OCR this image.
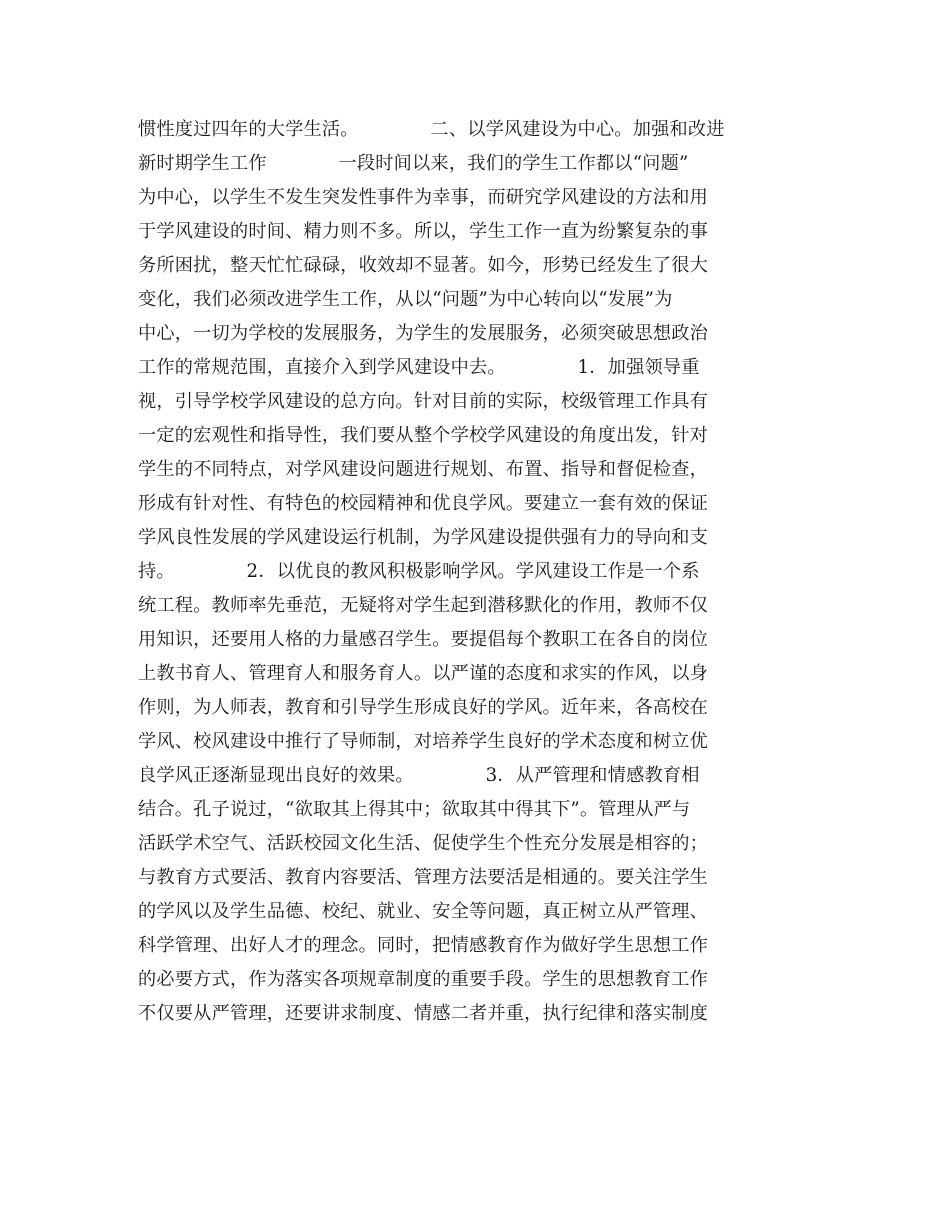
惯性度过四年的大学生活。            二、以学风建设为中心。加强和改进
新时期学生工作            一段时间以来，我们的学生工作都以“问题”
为中心，以学生不发生突发性事件为幸事，而研究学风建设的方法和用
于学风建设的时间、精力则不多。所以，学生工作一直为纷繁复杂的事
务所困扰，整天忙忙碌碌，收效却不显著。如今，形势已经发生了很大
变化，我们必须改进学生工作，从以“问题”为中心转向以“发展”为
中心，一切为学校的发展服务，为学生的发展服务，必须突破思想政治
工作的常规范围，直接介入到学风建设中去。            1．加强领导重
视，引导学校学风建设的总方向。针对目前的实际，校级管理工作具有
一定的宏观性和指导性，我们要从整个学校学风建设的角度出发，针对
学生的不同特点，对学风建设问题进行规划、布置、指导和督促检查，
形成有针对性、有特色的校园精神和优良学风。要建立一套有效的保证
学风良性发展的学风建设运行机制，为学风建设提供强有力的导向和支
持。            2．以优良的教风积极影响学风。学风建设工作是一个系
统工程。教师率先垂范，无疑将对学生起到潜移默化的作用，教师不仅
用知识，还要用人格的力量感召学生。要提倡每个教职工在各自的岗位
上教书育人、管理育人和服务育人。以严谨的态度和求实的作风，以身
作则，为人师表，教育和引导学生形成良好的学风。近年来，各高校在
学风、校风建设中推行了导师制，对培养学生良好的学术态度和树立优
良学风正逐渐显现出良好的效果。            3．从严管理和情感教育相
结合。孔子说过，“欲取其上得其中；欲取其中得其下”。管理从严与
活跃学术空气、活跃校园文化生活、促使学生个性充分发展是相容的；
与教育方式要活、教育内容要活、管理方法要活是相通的。要关注学生
的学风以及学生品德、校纪、就业、安全等问题，真正树立从严管理、
科学管理、出好人才的理念。同时，把情感教育作为做好学生思想工作
的必要方式，作为落实各项规章制度的重要手段。学生的思想教育工作
不仅要从严管理，还要讲求制度、情感二者并重，执行纪律和落实制度
